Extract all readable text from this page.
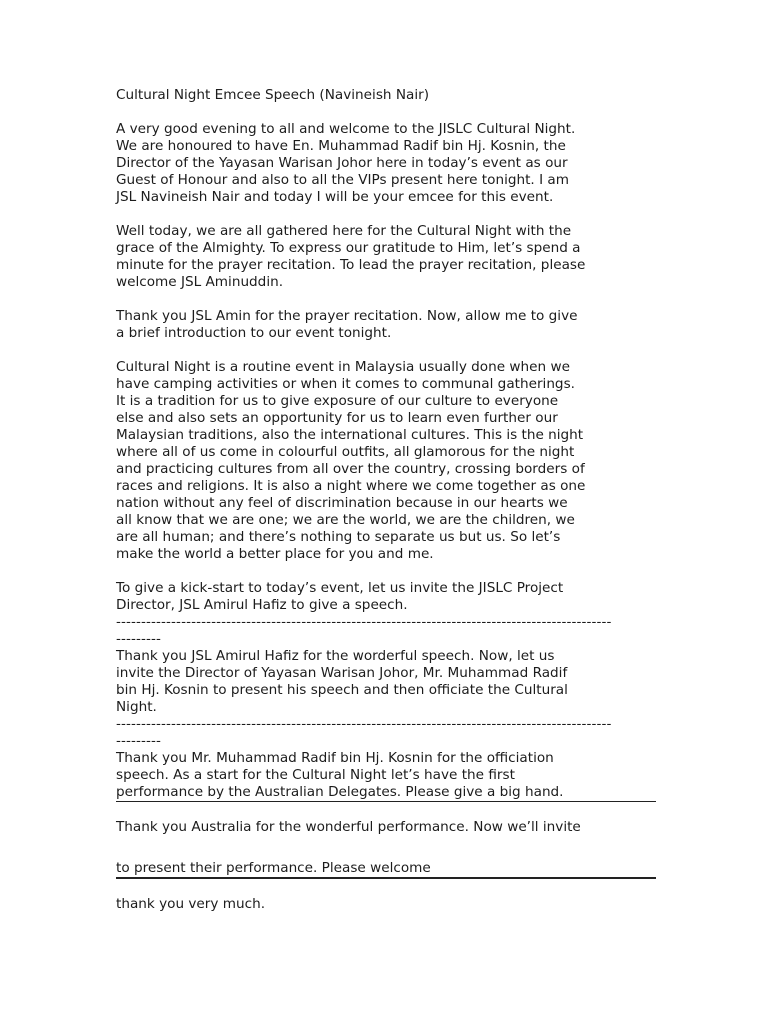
Cultural Night Emcee Speech (Navineish Nair)
A very good evening to all and welcome to the JISLC Cultural Night.
We are honoured to have En. Muhammad Radif bin Hj. Kosnin, the
Director of the Yayasan Warisan Johor here in today’s event as our
Guest of Honour and also to all the VIPs present here tonight. I am
JSL Navineish Nair and today I will be your emcee for this event.
Well today, we are all gathered here for the Cultural Night with the
grace of the Almighty. To express our gratitude to Him, let’s spend a
minute for the prayer recitation. To lead the prayer recitation, please
welcome JSL Aminuddin.
Thank you JSL Amin for the prayer recitation. Now, allow me to give
a brief introduction to our event tonight.
Cultural Night is a routine event in Malaysia usually done when we
have camping activities or when it comes to communal gatherings.
It is a tradition for us to give exposure of our culture to everyone
else and also sets an opportunity for us to learn even further our
Malaysian traditions, also the international cultures. This is the night
where all of us come in colourful outfits, all glamorous for the night
and practicing cultures from all over the country, crossing borders of
races and religions. It is also a night where we come together as one
nation without any feel of discrimination because in our hearts we
all know that we are one; we are the world, we are the children, we
are all human; and there’s nothing to separate us but us. So let’s
make the world a better place for you and me.
To give a kick-start to today’s event, let us invite the JISLC Project
Director, JSL Amirul Hafiz to give a speech.
---------------------------------------------------------------------------------------------------
---------
Thank you JSL Amirul Hafiz for the worderful speech. Now, let us
invite the Director of Yayasan Warisan Johor, Mr. Muhammad Radif
bin Hj. Kosnin to present his speech and then officiate the Cultural
Night.
---------------------------------------------------------------------------------------------------
---------
Thank you Mr. Muhammad Radif bin Hj. Kosnin for the officiation
speech. As a start for the Cultural Night let’s have the first
performance by the Australian Delegates. Please give a big hand.
Thank you Australia for the wonderful performance. Now we’ll invite
to present their performance. Please welcome
thank you very much.
